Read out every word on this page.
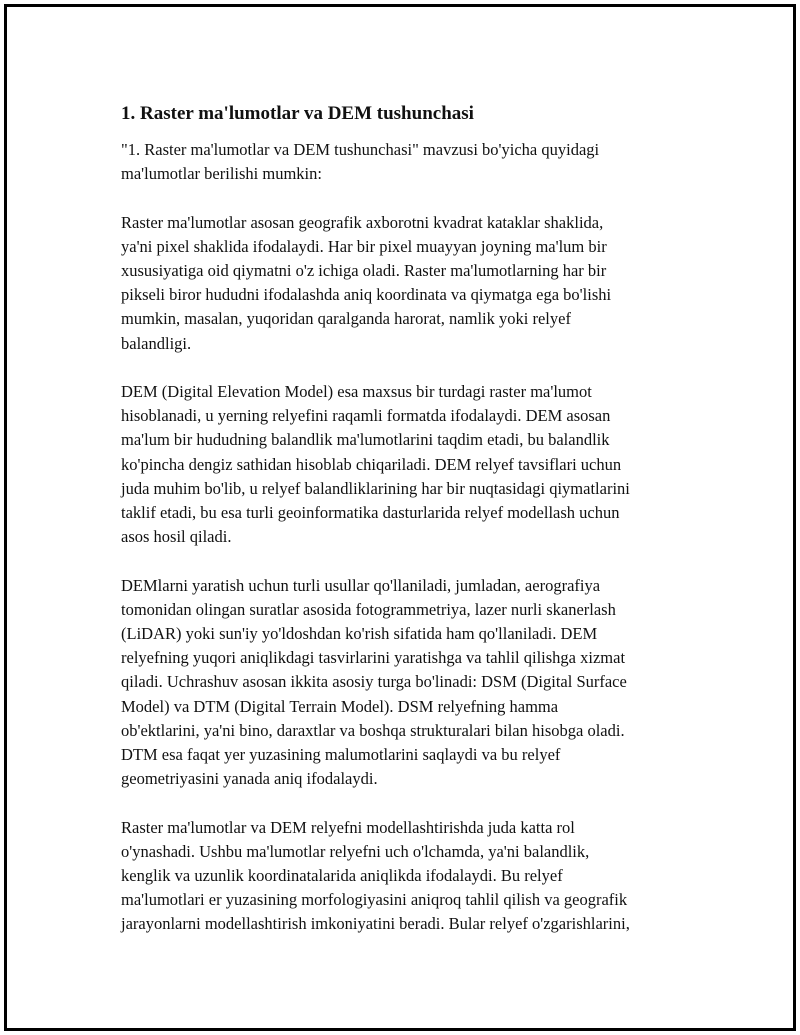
1. Raster ma'lumotlar va DEM tushunchasi

"1. Raster ma'lumotlar va DEM tushunchasi" mavzusi bo'yicha quyidagi

ma'lumotlar berilishi mumkin:

Raster ma'lumotlar asosan geografik axborotni kvadrat kataklar shaklida,

ya'ni pixel shaklida ifodalaydi. Har bir pixel muayyan joyning ma'lum bir

xususiyatiga oid qiymatni o'z ichiga oladi. Raster ma'lumotlarning har bir

pikseli biror hududni ifodalashda aniq koordinata va qiymatga ega bo'lishi

mumkin, masalan, yuqoridan qaralganda harorat, namlik yoki relyef

balandligi.

DEM (Digital Elevation Model) esa maxsus bir turdagi raster ma'lumot

hisoblanadi, u yerning relyefini raqamli formatda ifodalaydi. DEM asosan

ma'lum bir hududning balandlik ma'lumotlarini taqdim etadi, bu balandlik

ko'pincha dengiz sathidan hisoblab chiqariladi. DEM relyef tavsiflari uchun

juda muhim bo'lib, u relyef balandliklarining har bir nuqtasidagi qiymatlarini

taklif etadi, bu esa turli geoinformatika dasturlarida relyef modellash uchun

asos hosil qiladi.

DEMlarni yaratish uchun turli usullar qo'llaniladi, jumladan, aerografiya

tomonidan olingan suratlar asosida fotogrammetriya, lazer nurli skanerlash

(LiDAR) yoki sun'iy yo'ldoshdan ko'rish sifatida ham qo'llaniladi. DEM

relyefning yuqori aniqlikdagi tasvirlarini yaratishga va tahlil qilishga xizmat

qiladi. Uchrashuv asosan ikkita asosiy turga bo'linadi: DSM (Digital Surface

Model) va DTM (Digital Terrain Model). DSM relyefning hamma

ob'ektlarini, ya'ni bino, daraxtlar va boshqa strukturalari bilan hisobga oladi.

DTM esa faqat yer yuzasining malumotlarini saqlaydi va bu relyef

geometriyasini yanada aniq ifodalaydi.

Raster ma'lumotlar va DEM relyefni modellashtirishda juda katta rol

o'ynashadi. Ushbu ma'lumotlar relyefni uch o'lchamda, ya'ni balandlik,

kenglik va uzunlik koordinatalarida aniqlikda ifodalaydi. Bu relyef

ma'lumotlari er yuzasining morfologiyasini aniqroq tahlil qilish va geografik

jarayonlarni modellashtirish imkoniyatini beradi. Bular relyef o'zgarishlarini,
